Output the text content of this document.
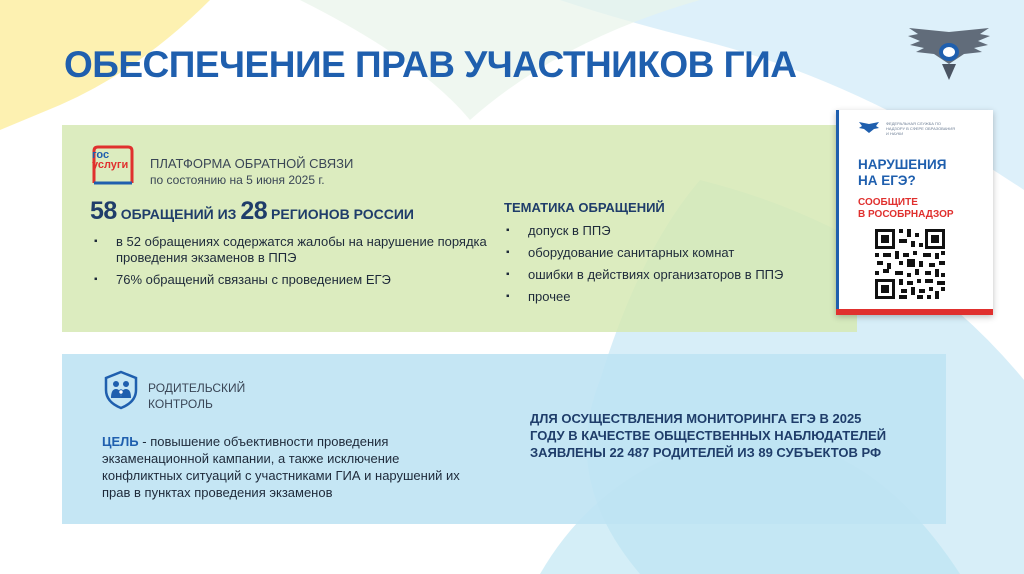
ОБЕСПЕЧЕНИЕ ПРАВ УЧАСТНИКОВ ГИА
гос
услуги	ПЛАТФОРМА ОБРАТНОЙ СВЯЗИ
по состоянию на 5 июня 2025 г.
58 ОБРАЩЕНИЙ ИЗ 28 РЕГИОНОВ РОССИИ
▪ в 52 обращениях содержатся жалобы на нарушение порядка проведения экзаменов в ППЭ
▪ 76% обращений связаны с проведением ЕГЭ
ТЕМАТИКА ОБРАЩЕНИЙ
▪ допуск в ППЭ
▪ оборудование санитарных комнат
▪ ошибки в действиях организаторов в ППЭ
▪ прочее
ФЕДЕРАЛЬНАЯ СЛУЖБА ПО НАДЗОРУ В СФЕРЕ ОБРАЗОВАНИЯ И НАУКИ
НАРУШЕНИЯ
НА ЕГЭ?
СООБЩИТЕ
В РОСОБРНАДЗОР
РОДИТЕЛЬСКИЙ
КОНТРОЛЬ
ЦЕЛЬ - повышение объективности проведения экзаменационной кампании, а также исключение конфликтных ситуаций с участниками ГИА и нарушений их прав в пунктах проведения экзаменов
ДЛЯ ОСУЩЕСТВЛЕНИЯ МОНИТОРИНГА ЕГЭ В 2025 ГОДУ В КАЧЕСТВЕ ОБЩЕСТВЕННЫХ НАБЛЮДАТЕЛЕЙ ЗАЯВЛЕНЫ 22 487 РОДИТЕЛЕЙ ИЗ 89 СУБЪЕКТОВ РФ
